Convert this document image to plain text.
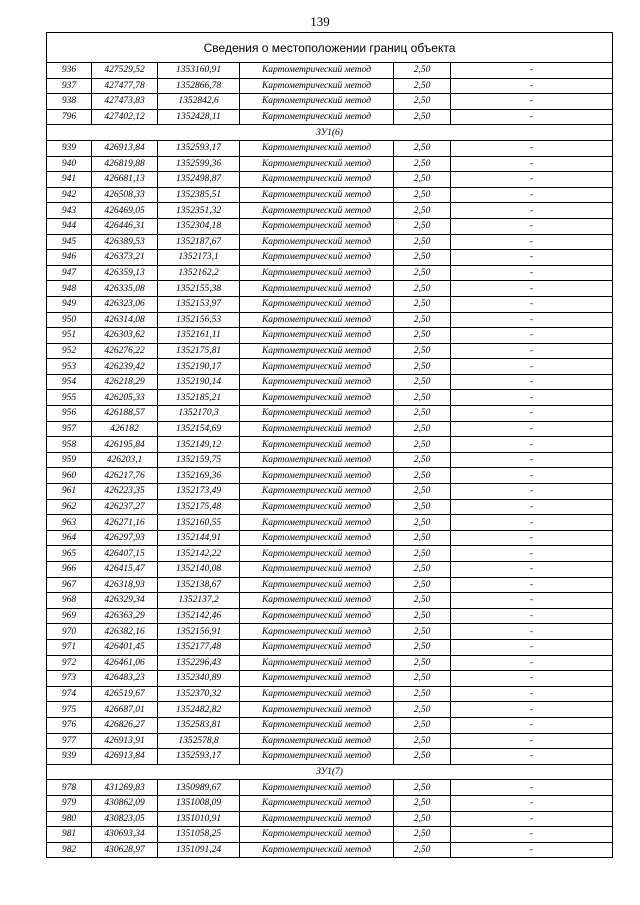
139
Сведения о местоположении границ объекта					
936	427529,52	1353160,91	Картометрический метод	2,50	-
937	427477,78	1352866,78	Картометрический метод	2,50	-
938	427473,83	1352842,6	Картометрический метод	2,50	-
796	427402,12	1352428,11	Картометрический метод	2,50	-
ЗУ1(6)					
939	426913,84	1352593,17	Картометрический метод	2,50	-
940	426819,88	1352599,36	Картометрический метод	2,50	-
941	426681,13	1352498,87	Картометрический метод	2,50	-
942	426508,33	1352385,51	Картометрический метод	2,50	-
943	426469,05	1352351,32	Картометрический метод	2,50	-
944	426446,31	1352304,18	Картометрический метод	2,50	-
945	426389,53	1352187,67	Картометрический метод	2,50	-
946	426373,21	1352173,1	Картометрический метод	2,50	-
947	426359,13	1352162,2	Картометрический метод	2,50	-
948	426335,08	1352155,38	Картометрический метод	2,50	-
949	426323,06	1352153,97	Картометрический метод	2,50	-
950	426314,08	1352156,53	Картометрический метод	2,50	-
951	426303,62	1352161,11	Картометрический метод	2,50	-
952	426276,22	1352175,81	Картометрический метод	2,50	-
953	426239,42	1352190,17	Картометрический метод	2,50	-
954	426218,29	1352190,14	Картометрический метод	2,50	-
955	426205,33	1352185,21	Картометрический метод	2,50	-
956	426188,57	1352170,3	Картометрический метод	2,50	-
957	426182	1352154,69	Картометрический метод	2,50	-
958	426195,84	1352149,12	Картометрический метод	2,50	-
959	426203,1	1352159,75	Картометрический метод	2,50	-
960	426217,76	1352169,36	Картометрический метод	2,50	-
961	426223,35	1352173,49	Картометрический метод	2,50	-
962	426237,27	1352175,48	Картометрический метод	2,50	-
963	426271,16	1352160,55	Картометрический метод	2,50	-
964	426297,93	1352144,91	Картометрический метод	2,50	-
965	426407,15	1352142,22	Картометрический метод	2,50	-
966	426415,47	1352140,08	Картометрический метод	2,50	-
967	426318,93	1352138,67	Картометрический метод	2,50	-
968	426329,34	1352137,2	Картометрический метод	2,50	-
969	426363,29	1352142,46	Картометрический метод	2,50	-
970	426382,16	1352156,91	Картометрический метод	2,50	-
971	426401,45	1352177,48	Картометрический метод	2,50	-
972	426461,06	1352296,43	Картометрический метод	2,50	-
973	426483,23	1352340,89	Картометрический метод	2,50	-
974	426519,67	1352370,32	Картометрический метод	2,50	-
975	426687,01	1352482,82	Картометрический метод	2,50	-
976	426826,27	1352583,81	Картометрический метод	2,50	-
977	426913,91	1352578,8	Картометрический метод	2,50	-
939	426913,84	1352593,17	Картометрический метод	2,50	-
ЗУ1(7)					
978	431269,83	1350989,67	Картометрический метод	2,50	-
979	430862,09	1351008,09	Картометрический метод	2,50	-
980	430823,05	1351010,91	Картометрический метод	2,50	-
981	430693,34	1351058,25	Картометрический метод	2,50	-
982	430628,97	1351091,24	Картометрический метод	2,50	-
